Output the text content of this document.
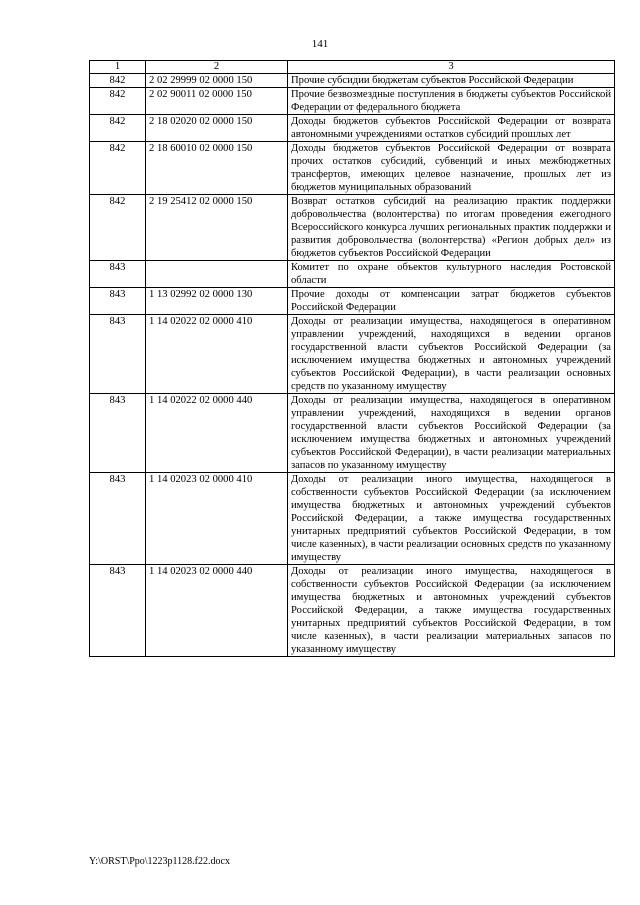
141
1	2	3
842	2 02 29999 02 0000 150	Прочие субсидии бюджетам субъектов Российской Федерации
842	2 02 90011 02 0000 150	Прочие безвозмездные поступления в бюджеты субъектов Российской Федерации от федерального бюджета
842	2 18 02020 02 0000 150	Доходы бюджетов субъектов Российской Федерации от возврата автономными учреждениями остатков субсидий прошлых лет
842	2 18 60010 02 0000 150	Доходы бюджетов субъектов Российской Федерации от возврата прочих остатков субсидий, субвенций и иных межбюджетных трансфертов, имеющих целевое назначение, прошлых лет из бюджетов муниципальных образований
842	2 19 25412 02 0000 150	Возврат остатков субсидий на реализацию практик поддержки добровольчества (волонтерства) по итогам проведения ежегодного Всероссийского конкурса лучших региональных практик поддержки и развития добровольчества (волонтерства) «Регион добрых дел» из бюджетов субъектов Российской Федерации
843		Комитет по охране объектов культурного наследия Ростовской области
843	1 13 02992 02 0000 130	Прочие доходы от компенсации затрат бюджетов субъектов Российской Федерации
843	1 14 02022 02 0000 410	Доходы от реализации имущества, находящегося в оперативном управлении учреждений, находящихся в ведении органов государственной власти субъектов Российской Федерации (за исключением имущества бюджетных и автономных учреждений субъектов Российской Федерации), в части реализации основных средств по указанному имуществу
843	1 14 02022 02 0000 440	Доходы от реализации имущества, находящегося в оперативном управлении учреждений, находящихся в ведении органов государственной власти субъектов Российской Федерации (за исключением имущества бюджетных и автономных учреждений субъектов Российской Федерации), в части реализации материальных запасов по указанному имуществу
843	1 14 02023 02 0000 410	Доходы от реализации иного имущества, находящегося в собственности субъектов Российской Федерации (за исключением имущества бюджетных и автономных учреждений субъектов Российской Федерации, а также имущества государственных унитарных предприятий субъектов Российской Федерации, в том числе казенных), в части реализации основных средств по указанному имуществу
843	1 14 02023 02 0000 440	Доходы от реализации иного имущества, находящегося в собственности субъектов Российской Федерации (за исключением имущества бюджетных и автономных учреждений субъектов Российской Федерации, а также имущества государственных унитарных предприятий субъектов Российской Федерации, в том числе казенных), в части реализации материальных запасов по указанному имуществу
Y:\ORST\Ppo\1223p1128.f22.docx
